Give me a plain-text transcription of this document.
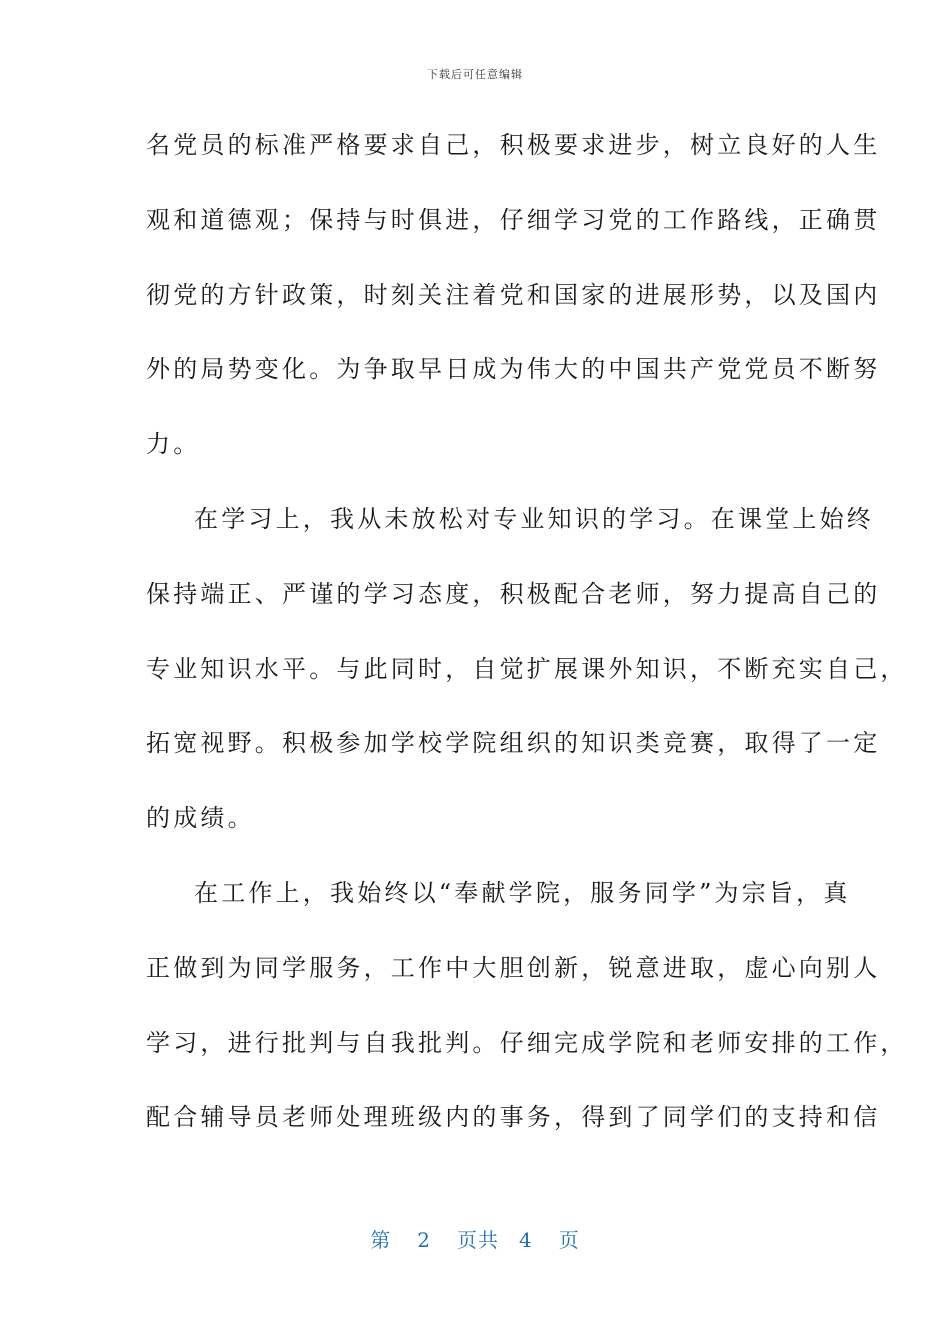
下载后可任意编辑
名党员的标准严格要求自己，积极要求进步，树立良好的人生
观和道德观；保持与时俱进，仔细学习党的工作路线，正确贯
彻党的方针政策，时刻关注着党和国家的进展形势，以及国内
外的局势变化。为争取早日成为伟大的中国共产党党员不断努
力。
在学习上，我从未放松对专业知识的学习。在课堂上始终
保持端正、严谨的学习态度，积极配合老师，努力提高自己的
专业知识水平。与此同时，自觉扩展课外知识，不断充实自己，
拓宽视野。积极参加学校学院组织的知识类竞赛，取得了一定
的成绩。
在工作上，我始终以“奉献学院，服务同学”为宗旨，真
正做到为同学服务，工作中大胆创新，锐意进取，虚心向别人
学习，进行批判与自我批判。仔细完成学院和老师安排的工作，
配合辅导员老师处理班级内的事务，得到了同学们的支持和信
第 2 页共 4 页
